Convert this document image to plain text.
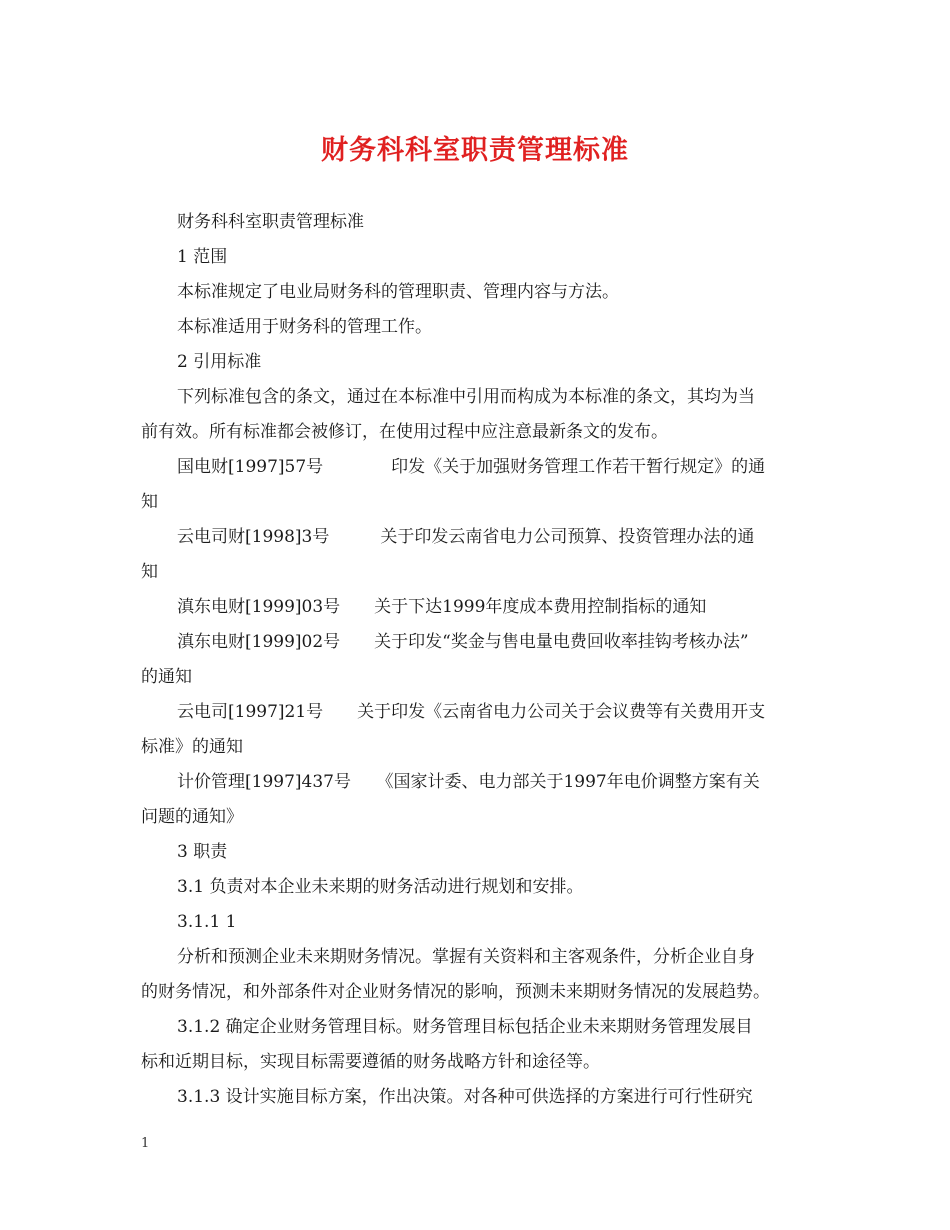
财务科科室职责管理标准

财务科科室职责管理标准

1 范围

本标准规定了电业局财务科的管理职责、管理内容与方法。

本标准适用于财务科的管理工作。

2 引用标准

下列标准包含的条文，通过在本标准中引用而构成为本标准的条文，其均为当

前有效。所有标准都会被修订，在使用过程中应注意最新条文的发布。

国电财[1997]57号　　　　印发《关于加强财务管理工作若干暂行规定》的通

知

云电司财[1998]3号　　　关于印发云南省电力公司预算、投资管理办法的通

知

滇东电财[1999]03号　　关于下达1999年度成本费用控制指标的通知

滇东电财[1999]02号　　关于印发“奖金与售电量电费回收率挂钩考核办法”

的通知

云电司[1997]21号　　关于印发《云南省电力公司关于会议费等有关费用开支

标准》的通知

计价管理[1997]437号　　《国家计委、电力部关于1997年电价调整方案有关

问题的通知》

3 职责

3.1 负责对本企业未来期的财务活动进行规划和安排。

3.1.1 1

分析和预测企业未来期财务情况。掌握有关资料和主客观条件，分析企业自身

的财务情况，和外部条件对企业财务情况的影响，预测未来期财务情况的发展趋势。

3.1.2 确定企业财务管理目标。财务管理目标包括企业未来期财务管理发展目

标和近期目标，实现目标需要遵循的财务战略方针和途径等。

3.1.3 设计实施目标方案，作出决策。对各种可供选择的方案进行可行性研究

1
